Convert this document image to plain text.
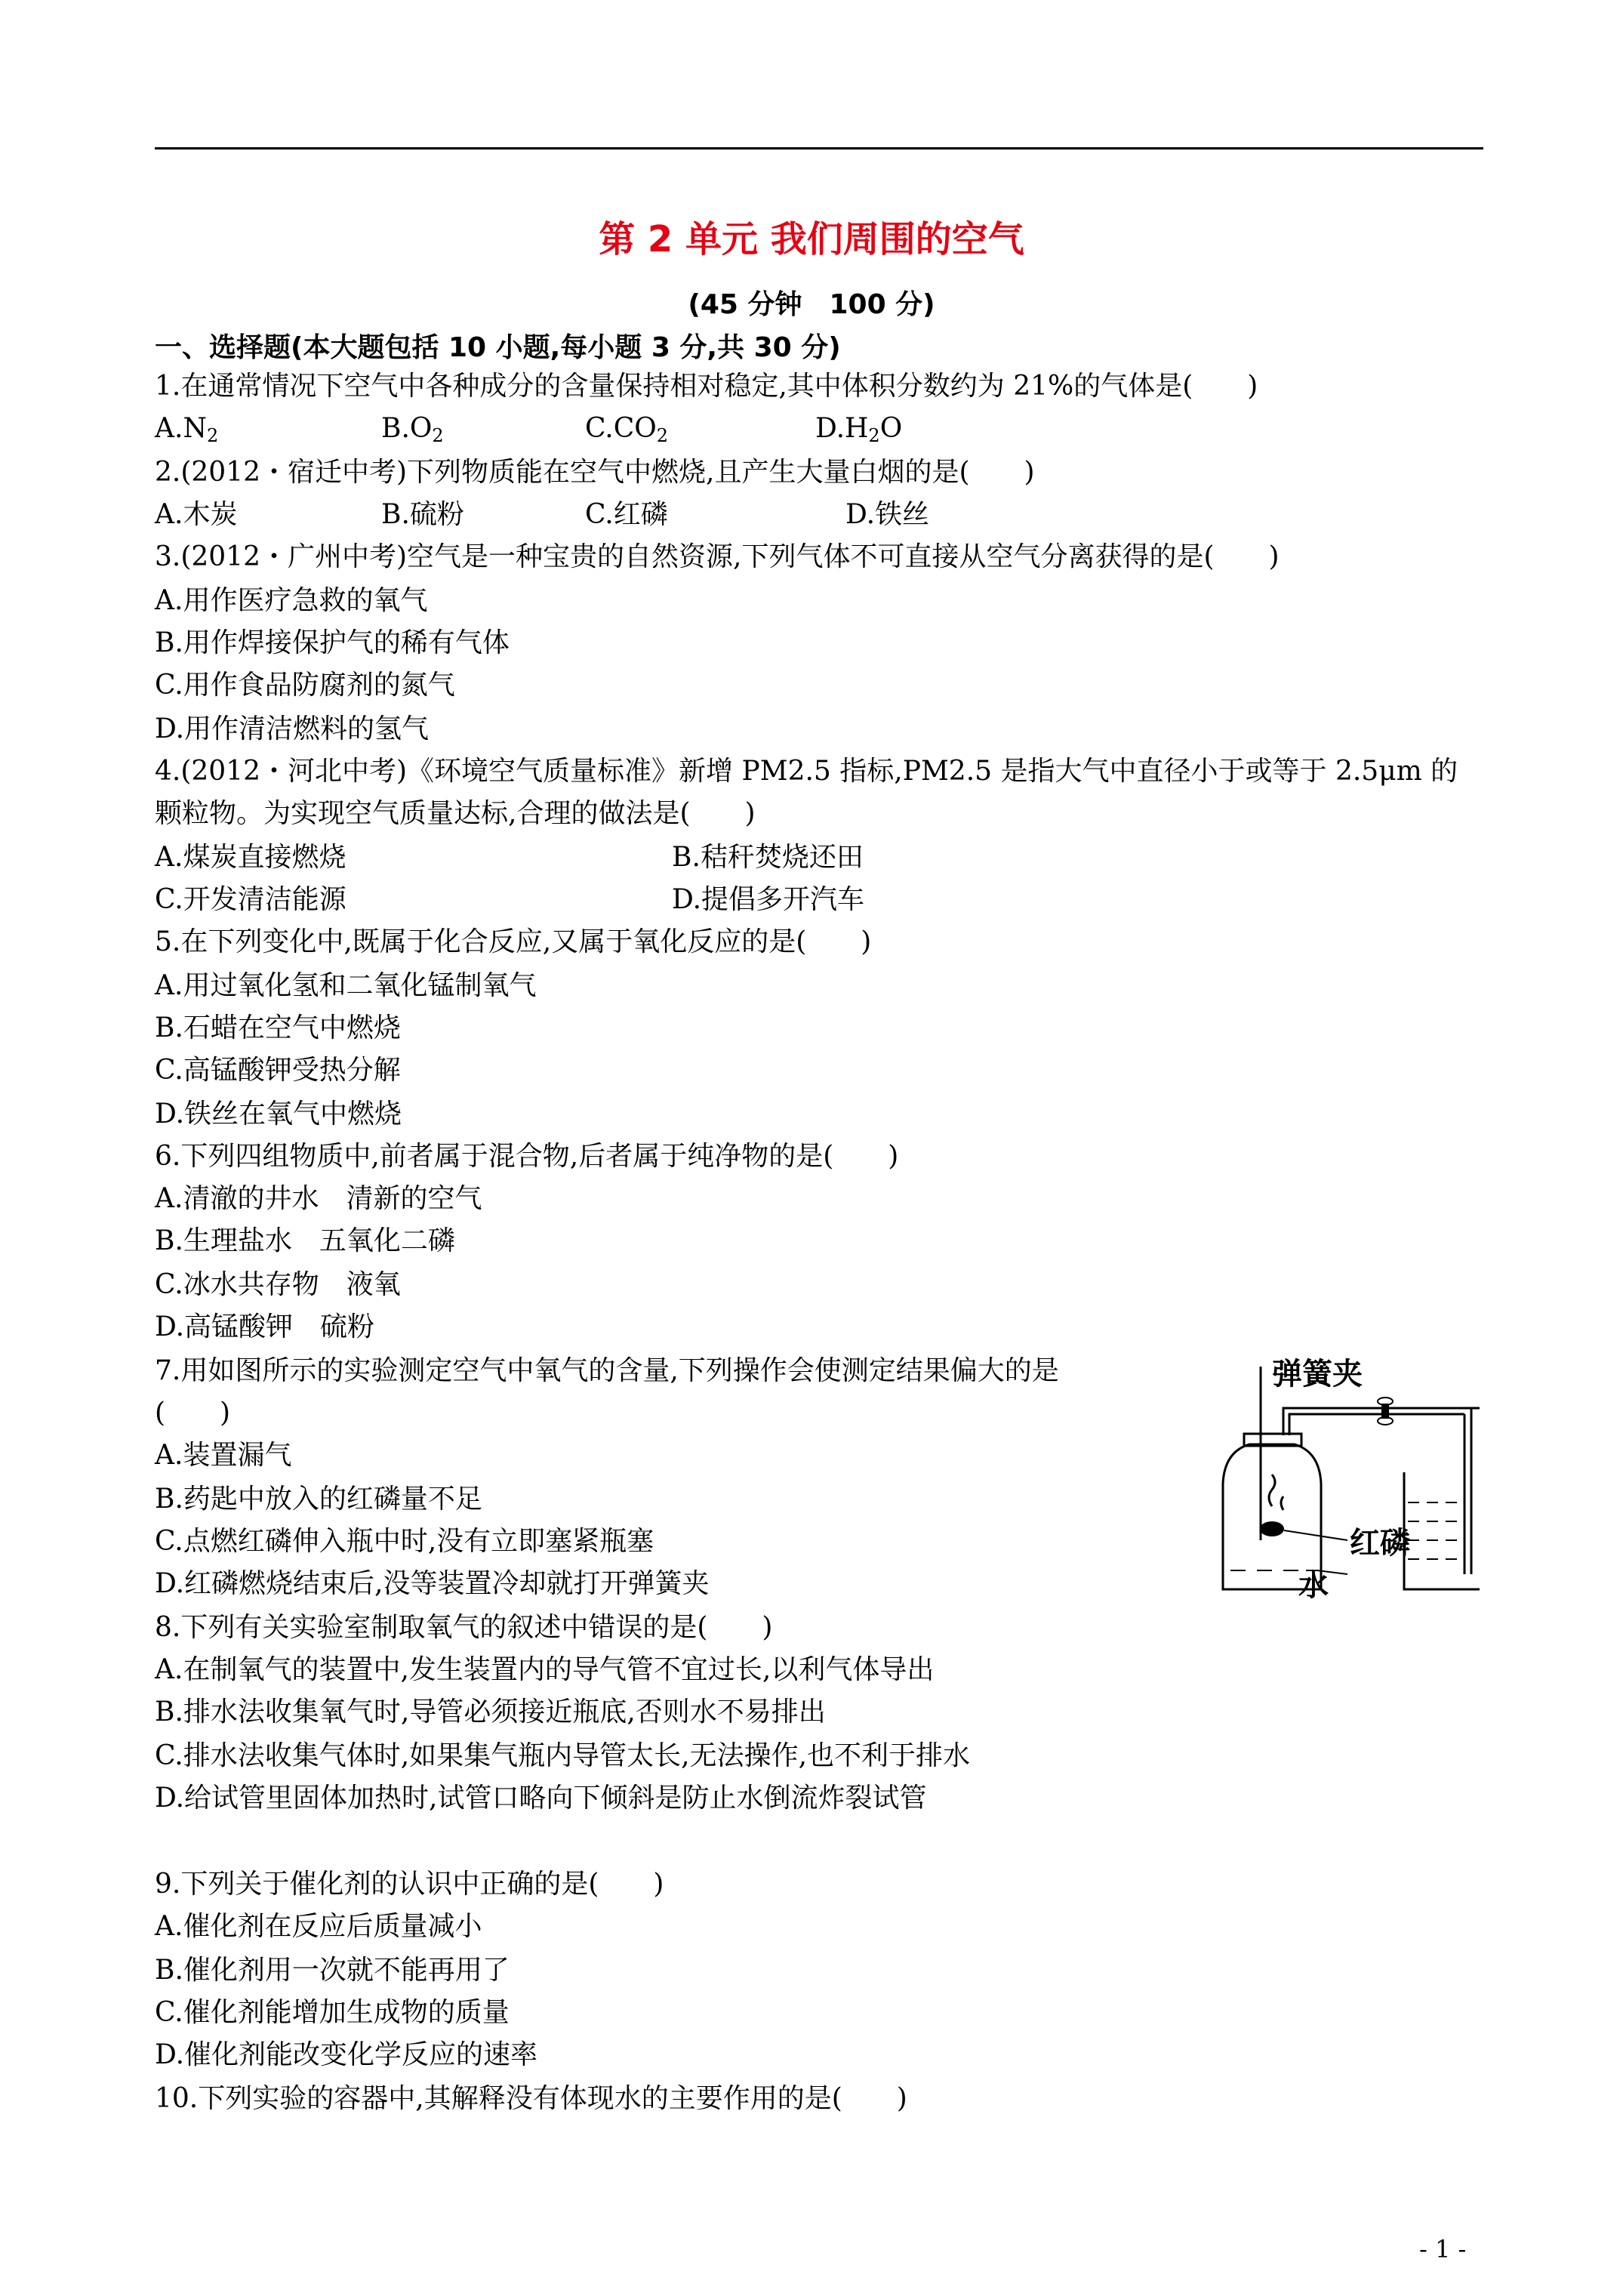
第 2 单元 我们周围的空气
(45 分钟　100 分)
一、选择题(本大题包括 10 小题,每小题 3 分,共 30 分)
1.在通常情况下空气中各种成分的含量保持相对稳定,其中体积分数约为 21%的气体是(　　)
$A.N_2$	$B.O_2$	$C.CO_2$	$D.H_2O$
2.(2012・宿迁中考)下列物质能在空气中燃烧,且产生大量白烟的是(　　)
A.木炭	B.硫粉	C.红磷	D.铁丝
3.(2012・广州中考)空气是一种宝贵的自然资源,下列气体不可直接从空气分离获得的是(　　)
A.用作医疗急救的氧气
B.用作焊接保护气的稀有气体
C.用作食品防腐剂的氮气
D.用作清洁燃料的氢气
4.(2012・河北中考)《环境空气质量标准》新增 PM2.5 指标,PM2.5 是指大气中直径小于或等于 2.5μm 的
颗粒物。为实现空气质量达标,合理的做法是(　　)
A.煤炭直接燃烧	B.秸秆焚烧还田
C.开发清洁能源	D.提倡多开汽车
5.在下列变化中,既属于化合反应,又属于氧化反应的是(　　)
A.用过氧化氢和二氧化锰制氧气
B.石蜡在空气中燃烧
C.高锰酸钾受热分解
D.铁丝在氧气中燃烧
6.下列四组物质中,前者属于混合物,后者属于纯净物的是(　　)
A.清澈的井水　清新的空气
B.生理盐水　五氧化二磷
C.冰水共存物　液氧
D.高锰酸钾　硫粉
7.用如图所示的实验测定空气中氧气的含量,下列操作会使测定结果偏大的是
(　　)
A.装置漏气
B.药匙中放入的红磷量不足
C.点燃红磷伸入瓶中时,没有立即塞紧瓶塞
D.红磷燃烧结束后,没等装置冷却就打开弹簧夹
弹簧夹
红磷
水
8.下列有关实验室制取氧气的叙述中错误的是(　　)
A.在制氧气的装置中,发生装置内的导气管不宜过长,以利气体导出
B.排水法收集氧气时,导管必须接近瓶底,否则水不易排出
C.排水法收集气体时,如果集气瓶内导管太长,无法操作,也不利于排水
D.给试管里固体加热时,试管口略向下倾斜是防止水倒流炸裂试管
9.下列关于催化剂的认识中正确的是(　　)
A.催化剂在反应后质量减小
B.催化剂用一次就不能再用了
C.催化剂能增加生成物的质量
D.催化剂能改变化学反应的速率
10.下列实验的容器中,其解释没有体现水的主要作用的是(　　)
- 1 -
